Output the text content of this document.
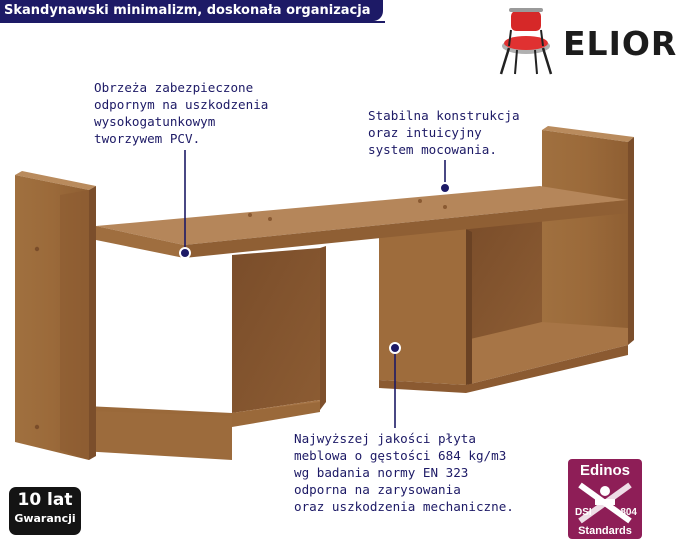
Skandynawski minimalizm, doskonała organizacja
ELIOR
Obrzeża zabezpieczone
odpornym na uszkodzenia
wysokogatunkowym
tworzywem PCV.
Stabilna konstrukcja
oraz intuicyjny
system mocowania.
Najwyższej jakości płyta
meblowa o gęstości 684 kg/m3
wg badania normy EN 323
odporna na zarysowania
oraz uszkodzenia mechaniczne.
10 lat
Gwarancji
Edinos
DSI	804
Standards
